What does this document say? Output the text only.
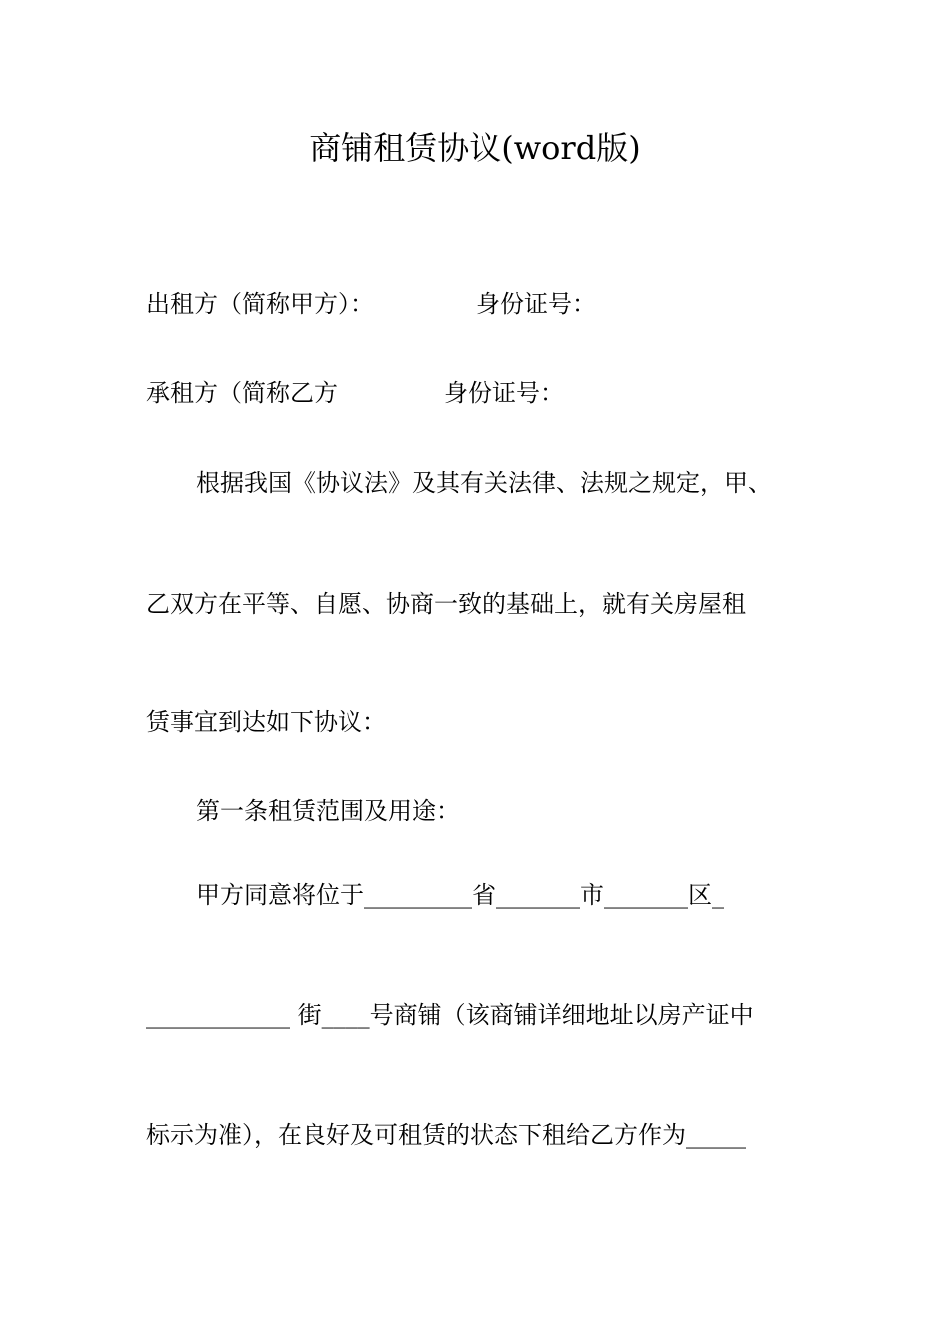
商铺租赁协议(word版)
出租方（简称甲方）：	身份证号：
承租方（简称乙方	身份证号：
根据我国《协议法》及其有关法律、法规之规定，甲、
乙双方在平等、自愿、协商一致的基础上，就有关房屋租
赁事宜到达如下协议：
第一条租赁范围及用途：
甲方同意将位于_________省_______市_______区_
____________ 街____号商铺（该商铺详细地址以房产证中
标示为准），在良好及可租赁的状态下租给乙方作为_____
